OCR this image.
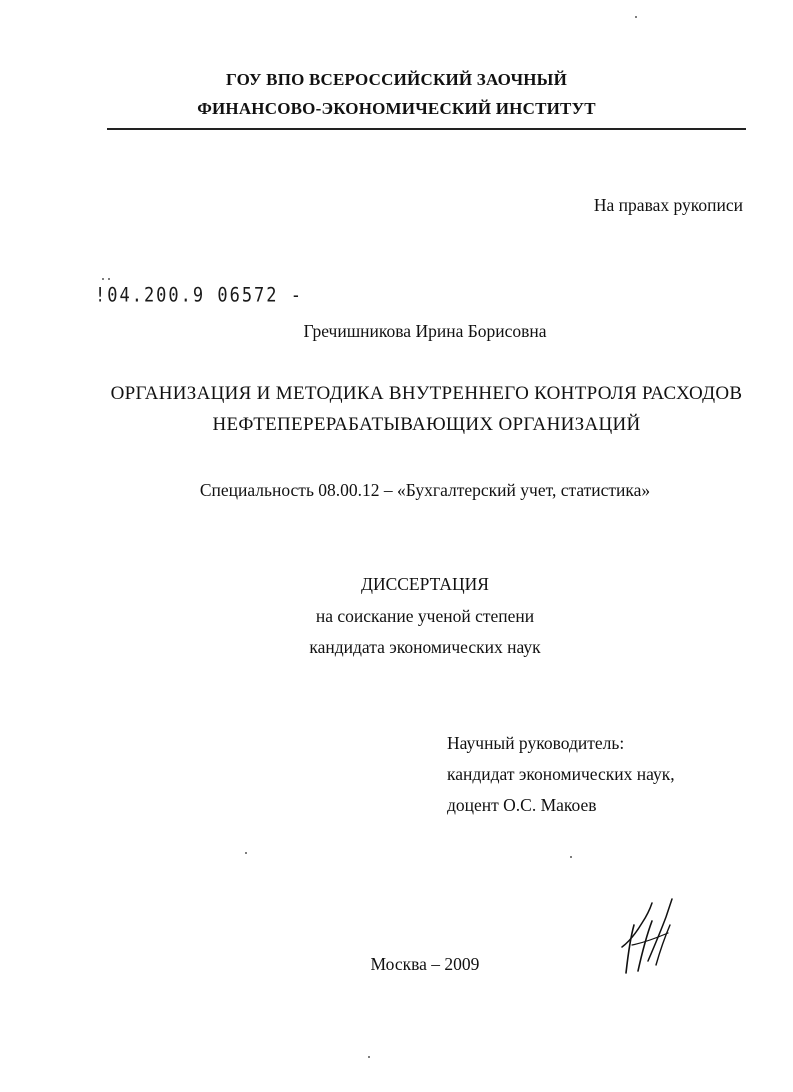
ГОУ ВПО ВСЕРОССИЙСКИЙ ЗАОЧНЫЙ
ФИНАНСОВО-ЭКОНОМИЧЕСКИЙ ИНСТИТУТ
На правах рукописи
!04.200.9 06572 -
Гречишникова Ирина Борисовна
ОРГАНИЗАЦИЯ И МЕТОДИКА ВНУТРЕННЕГО КОНТРОЛЯ РАСХОДОВ
НЕФТЕПЕРЕРАБАТЫВАЮЩИХ ОРГАНИЗАЦИЙ
Специальность 08.00.12 – «Бухгалтерский учет, статистика»
ДИССЕРТАЦИЯ
на соискание ученой степени
кандидата экономических наук
Научный руководитель:
кандидат экономических наук,
доцент О.С. Макоев
Москва – 2009
